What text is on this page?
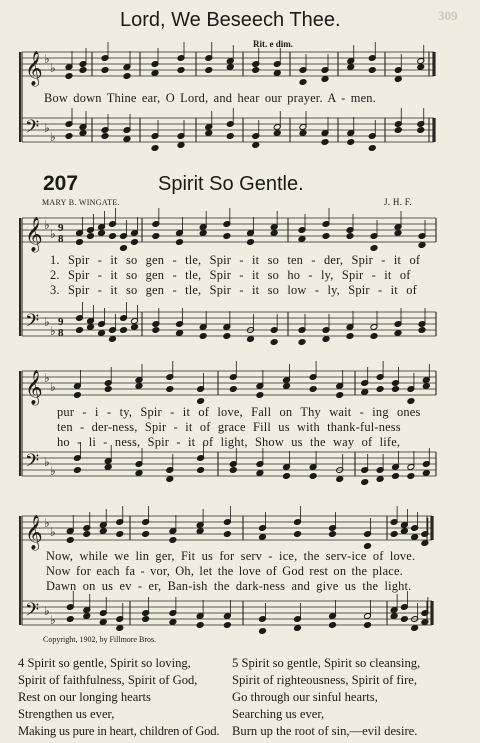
309
Lord, We Beseech Thee.
Rit. e dim.
Bow down Thine ear, O Lord, and hear our prayer. A - men.
207	Spirit So Gentle.
MARY B. WINGATE.	J. H. F.
1. Spir - it so gen - tle, Spir - it so ten - der, Spir - it of
2. Spir - it so gen - tle, Spir - it so ho - ly, Spir - it of
3. Spir - it so gen - tle, Spir - it so low - ly, Spir - it of
pur - i - ty, Spir - it of love, Fall on Thy wait - ing ones
ten - der-ness, Spir - it of grace Fill us with thank-ful-ness
ho - li - ness, Spir - it of light, Show us the way of life,
Now, while we lin ger, Fit us for serv - ice, the serv-ice of love.
Now for each fa - vor, Oh, let the love of God rest on the place.
Dawn on us ev - er, Ban-ish the dark-ness and give us the light.
Copyright, 1902, by Fillmore Bros.
4 Spirit so gentle, Spirit so loving,
Spirit of faithfulness, Spirit of God,
Rest on our longing hearts
Strengthen us ever,
Making us pure in heart, children of God.
5 Spirit so gentle, Spirit so cleansing,
Spirit of righteousness, Spirit of fire,
Go through our sinful hearts,
Searching us ever,
Burn up the root of sin,—evil desire.
𝄞
𝄢
♭
♭
♭
♭
𝄞
𝄢
♭
♭
♭
♭
9
8
9
8
𝄞
𝄢
♭
♭
♭
♭
𝄞
𝄢
♭
♭
♭
♭
